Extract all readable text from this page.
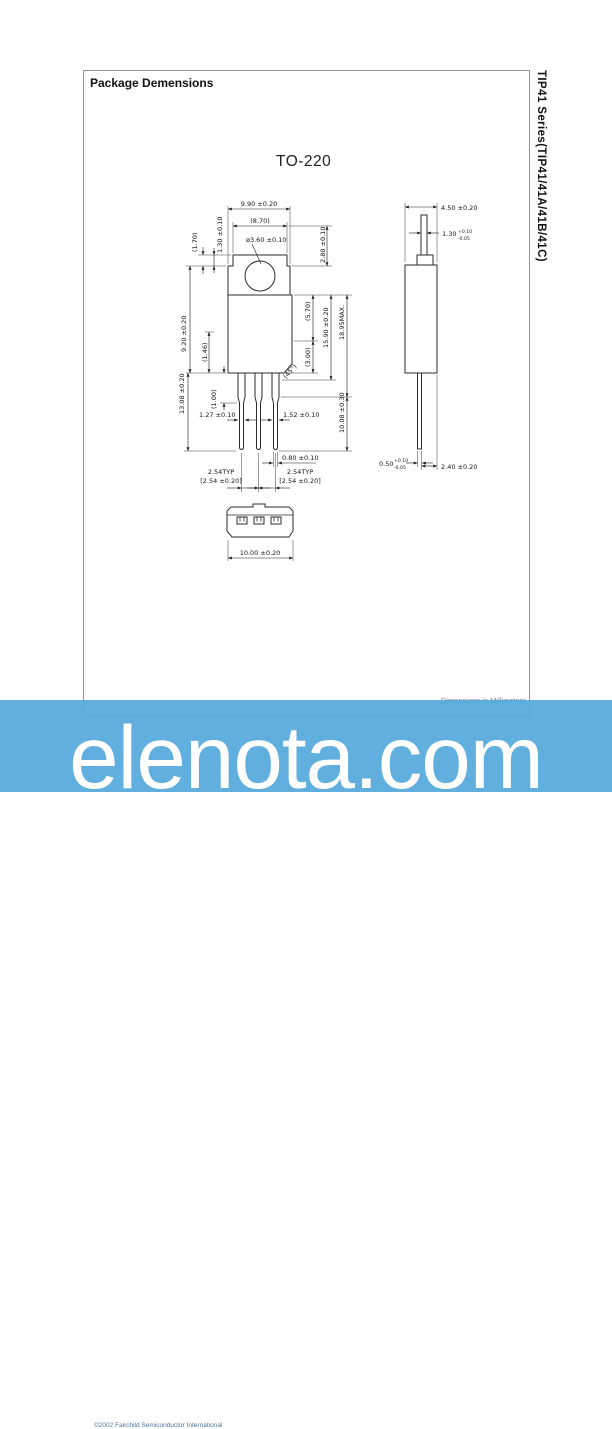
Package Demensions	TIP41 Series(TIP41/41A/41B/41C)
TO-220
9.90 ±0.20
(8.70)
ø3.60 ±0.10
(1.70)	1.30 ±0.10	2.80 ±0.10
9.20 ±0.20
(1.46)
(1.00)
13.08 ±0.20
(5.70)
(3.00)
15.90 ±0.20 18.95MAX.
10.08 ±0.30
(45°)
1.27 ±0.10	1.52 ±0.10
0.80 ±0.10
2.54TYP
[2.54 ±0.20]
2.54TYP
[2.54 ±0.20]
4.50 ±0.20
1.30 +0.10
-0.05
0.50 +0.10
-0.05	2.40 ±0.20
10.00 ±0.20
©2002 Fairchild Semiconductor International
elenota.com
